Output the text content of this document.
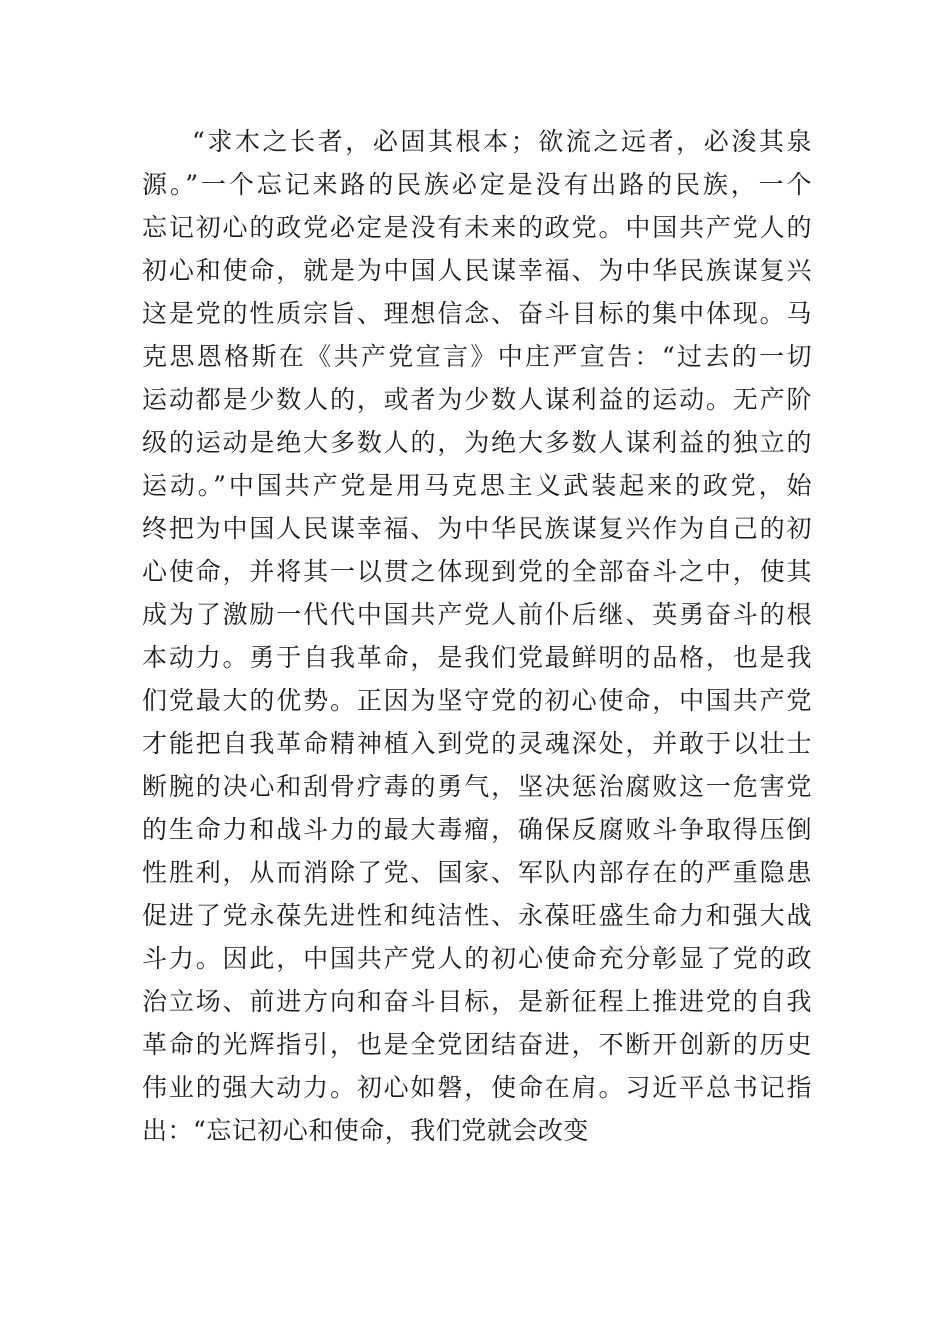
“求木之长者，必固其根本；欲流之远者，必浚其泉
源。”一个忘记来路的民族必定是没有出路的民族，一个
忘记初心的政党必定是没有未来的政党。中国共产党人的
初心和使命，就是为中国人民谋幸福、为中华民族谋复兴
这是党的性质宗旨、理想信念、奋斗目标的集中体现。马
克思恩格斯在《共产党宣言》中庄严宣告：“过去的一切
运动都是少数人的，或者为少数人谋利益的运动。无产阶
级的运动是绝大多数人的，为绝大多数人谋利益的独立的
运动。”中国共产党是用马克思主义武装起来的政党，始
终把为中国人民谋幸福、为中华民族谋复兴作为自己的初
心使命，并将其一以贯之体现到党的全部奋斗之中，使其
成为了激励一代代中国共产党人前仆后继、英勇奋斗的根
本动力。勇于自我革命，是我们党最鲜明的品格，也是我
们党最大的优势。正因为坚守党的初心使命，中国共产党
才能把自我革命精神植入到党的灵魂深处，并敢于以壮士
断腕的决心和刮骨疗毒的勇气，坚决惩治腐败这一危害党
的生命力和战斗力的最大毒瘤，确保反腐败斗争取得压倒
性胜利，从而消除了党、国家、军队内部存在的严重隐患
促进了党永葆先进性和纯洁性、永葆旺盛生命力和强大战
斗力。因此，中国共产党人的初心使命充分彰显了党的政
治立场、前进方向和奋斗目标，是新征程上推进党的自我
革命的光辉指引，也是全党团结奋进，不断开创新的历史
伟业的强大动力。初心如磐，使命在肩。习近平总书记指
出：“忘记初心和使命，我们党就会改变
